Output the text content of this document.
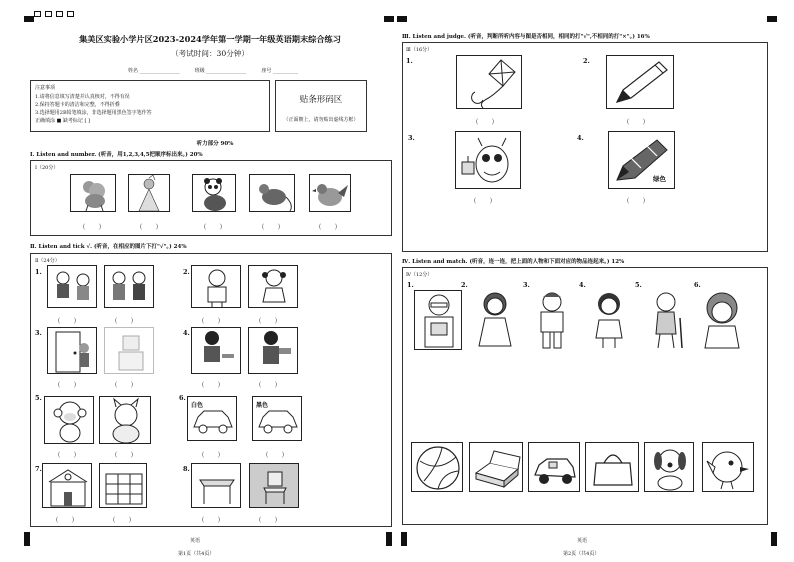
集美区实验小学片区2023-2024学年第一学期一年级英语期末综合练习
（考试时间：30分钟）
姓名 ________________	班级 ________________	座号 __________
注意事项
1.请将信息填写清楚并认真核对，不得有误
2.保持答题卡的清洁和完整，不得折叠
3.选择题用2B铅笔填涂，非选择题用黑色签字笔作答
正确填涂 ■ 缺考标记 [ ]
贴条形码区
（正面朝上，请勿贴出虚线方框）
听力部分 90%
Ⅰ. Listen and number. (听音，用1,2,3,4,5把顺序标出来。) 20%
Ⅰ（20分）
（　　）	（　　）	（　　）	（　　）	（　　）
Ⅱ. Listen and tick √. (听音，在相应的图片下打"√"。) 24%
Ⅱ（24分）
1.	2.
3.	4.
5.	6.
7.	8.
（　　）	（　　）	（　　）	（　　）
（　　）	（　　）	（　　）	（　　）
白色	黑色
（　　）	（　　）	（　　）	（　　）
（　　）	（　　）	（　　）	（　　）
英语
第1页（共4页）
Ⅲ. Listen and judge. (听音，判断所听内容与图是否相同，相同的打"√",不相同的打"×"。) 16%
Ⅲ（16分）
1.	2.
3.	4.
（　　）	（　　）
绿色
（　　）	（　　）
Ⅳ. Listen and match. (听音，连一连，把上面的人物和下面对应的物品连起来。) 12%
Ⅳ（12分）
1.	2.	3.	4.	5.	6.
英语
第2页（共4页）
